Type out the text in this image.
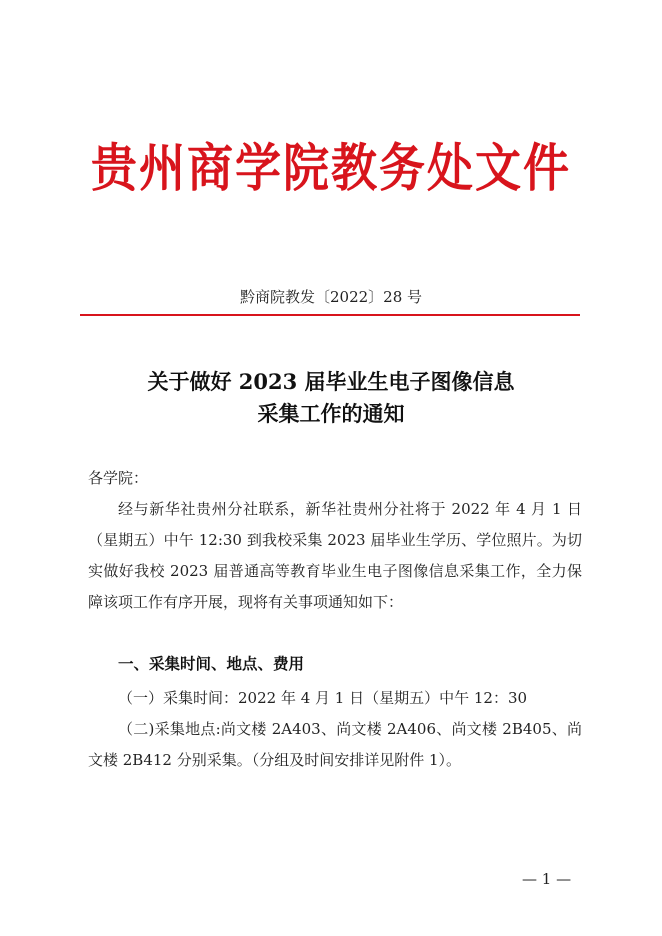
贵州商学院教务处文件
黔商院教发〔2022〕28 号
关于做好 2023 届毕业生电子图像信息
采集工作的通知
各学院：
经与新华社贵州分社联系，新华社贵州分社将于 2022 年 4 月 1 日（星期五）中午 12:30 到我校采集 2023 届毕业生学历、学位照片。为切实做好我校 2023 届普通高等教育毕业生电子图像信息采集工作，全力保障该项工作有序开展，现将有关事项通知如下：
一、采集时间、地点、费用
（一）采集时间：2022 年 4 月 1 日（星期五）中午 12：30
（二)采集地点:尚文楼 2A403、尚文楼 2A406、尚文楼 2B405、尚文楼 2B412 分别采集。（分组及时间安排详见附件 1）。
— 1 —
